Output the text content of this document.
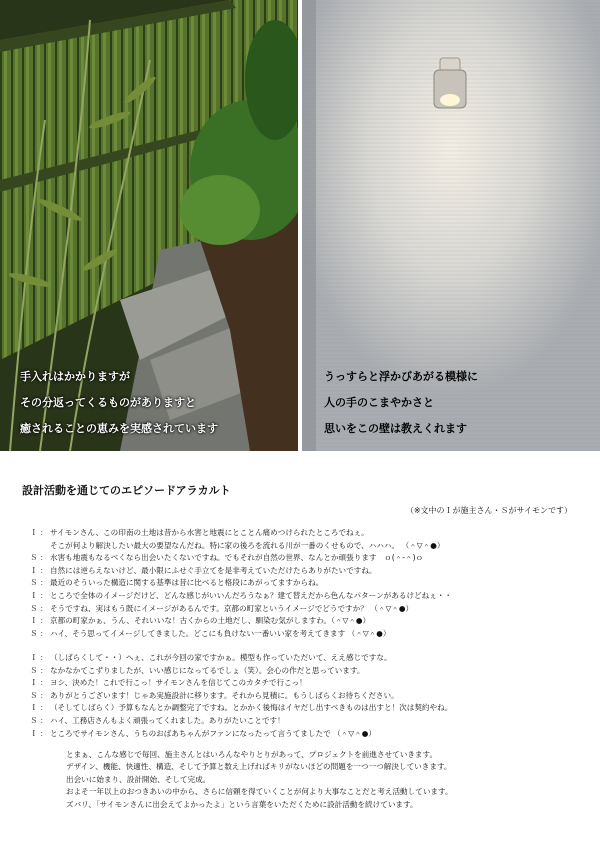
手入れはかかりますが
その分返ってくるものがありますと
癒されることの恵みを実感されています
うっすらと浮かびあがる模様に
人の手のこまやかさと
思いをこの壁は教えくれます
設計活動を通じてのエピソードアラカルト
（※文中のＩが施主さん・Ｓがサイモンです）
Ｉ ： サイモンさん、この印南の土地は昔から水害と地震にとことん痛めつけられたところでねぇ。
そこが何より解決したい最大の要望なんだね。特に家の後ろを流れる川が一番のくせもので、ハハハ。 （＾▽＾●）
Ｓ ： 水害も地震もなるべくなら出会いたくないですね。でもそれが自然の世界、なんとか頑張ります　ｏ(＾-＾)ｏ
Ｉ ： 自然には逆らえないけど、最小限にふせぐ手立てを是非考えていただけたらありがたいですね。
Ｓ ： 最近のそういった構造に関する基準は昔に比べると格段にあがってますからね。
Ｉ ： ところで全体のイメージだけど、どんな感じがいいんだろうなぁ？建て替えだから色んなパターンがあるけどねぇ・・
Ｓ ： そうですね、実はもう既にイメージがあるんです。京都の町家というイメージでどうですか？ （＾▽＾●）
Ｉ ： 京都の町家かぁ、うん、それいいな！古くからの土地だし、馴染む気がしますわ。（＾▽＾●）
Ｓ ： ハイ、そう思ってイメージしてきました。どこにも負けない一番いい家を考えてきます （＾▽＾●）
Ｉ ： （しばらくして・・）へぇ、これが今回の家ですかぁ。模型も作っていただいて、ええ感じですな。
Ｓ ： なかなかてこずりましたが、いい感じになってるでしょ（笑）。会心の作だと思っています。
Ｉ ： ヨシ、決めた！これで行こっ！サイモンさんを信じてこのカタチで行こっ！
Ｓ ： ありがとうございます！じゃあ実施設計に移ります。それから見積に。もうしばらくお待ちください。
Ｉ ： （そしてしばらく）予算もなんとか調整完了ですね。とかかく後悔はイヤだし出すべきものは出すと！次は契約やね。
Ｓ ： ハイ、工務店さんもよく頑張ってくれました。ありがたいことです！
Ｉ ： ところでサイモンさん、うちのおばあちゃんがファンになったって言うてましたで （＾▽＾●）
とまぁ、こんな感じで毎回、施主さんとはいろんなやりとりがあって、プロジェクトを前進させていきます。
デザイン、機能、快適性、構造、そして予算と数え上げればキリがないほどの問題を一つ一つ解決していきます。
出会いに始まり、設計開始、そして完成。
およそ一年以上のおつきあいの中から、さらに信頼を得ていくことが何より大事なことだと考え活動しています。
ズバリ、「サイモンさんに出会えてよかったよ」という言葉をいただくために設計活動を続けています。
